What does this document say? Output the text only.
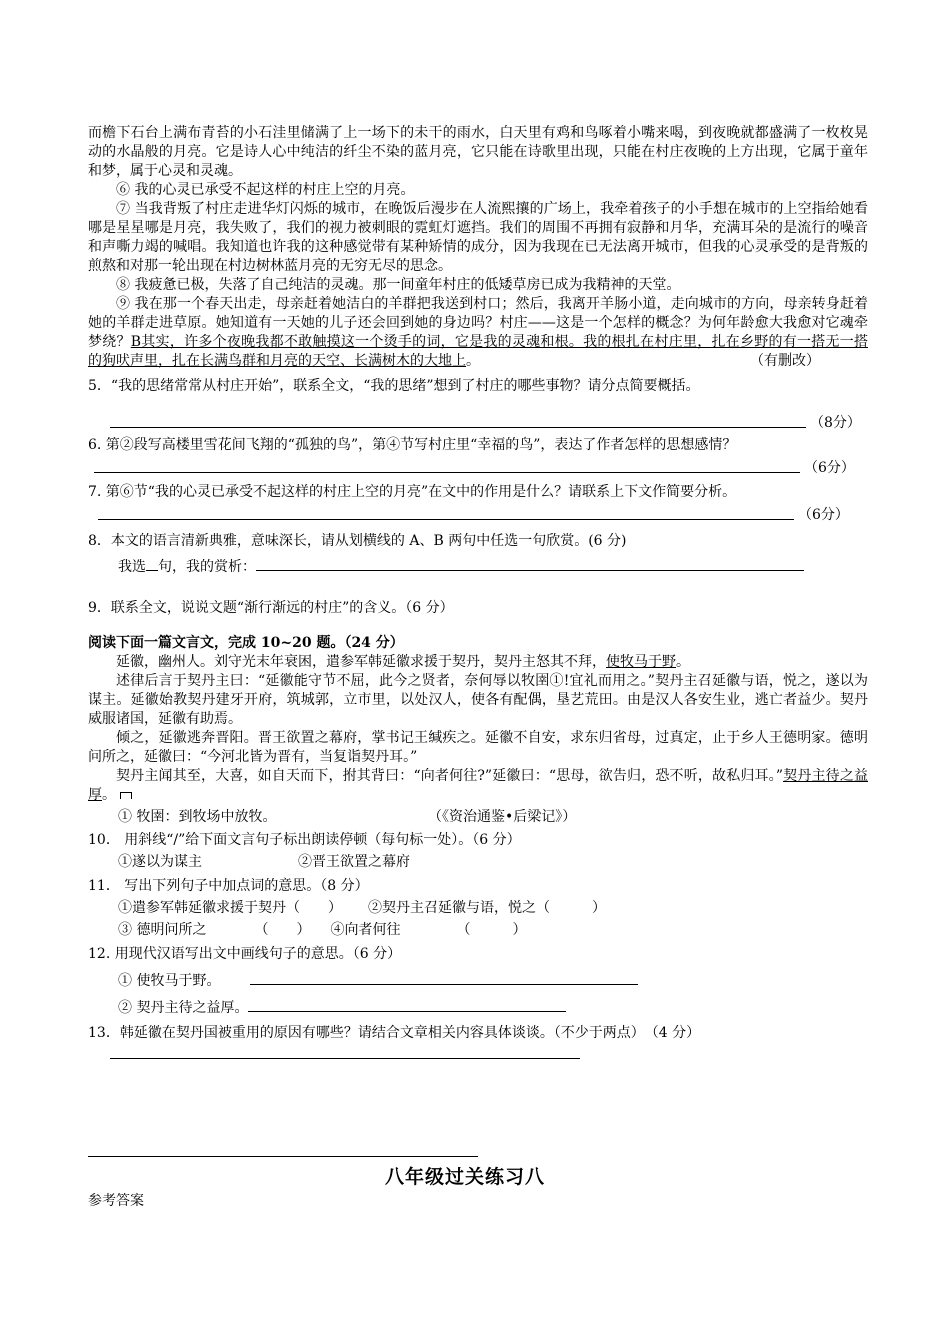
而檐下石台上满布青苔的小石洼里储满了上一场下的未干的雨水，白天里有鸡和鸟啄着小嘴来喝，到夜晚就都盛满了一枚枚晃动的水晶般的月亮。它是诗人心中纯洁的纤尘不染的蓝月亮，它只能在诗歌里出现，只能在村庄夜晚的上方出现，它属于童年和梦，属于心灵和灵魂。

⑥ 我的心灵已承受不起这样的村庄上空的月亮。

⑦ 当我背叛了村庄走进华灯闪烁的城市，在晚饭后漫步在人流熙攘的广场上，我牵着孩子的小手想在城市的上空指给她看哪是星星哪是月亮，我失败了，我们的视力被刺眼的霓虹灯遮挡。我们的周围不再拥有寂静和月华，充满耳朵的是流行的噪音和声嘶力竭的喊唱。我知道也许我的这种感觉带有某种矫情的成分，因为我现在已无法离开城市，但我的心灵承受的是背叛的煎熬和对那一轮出现在村边树林蓝月亮的无穷无尽的思念。

⑧ 我疲惫已极，失落了自己纯洁的灵魂。那一间童年村庄的低矮草房已成为我精神的天堂。

⑨ 我在那一个春天出走，母亲赶着她洁白的羊群把我送到村口；然后，我离开羊肠小道，走向城市的方向，母亲转身赶着她的羊群走进草原。她知道有一天她的儿子还会回到她的身边吗？村庄——这是一个怎样的概念？为何年龄愈大我愈对它魂牵梦绕？B其实，许多个夜晚我都不敢触摸这一个烫手的词，它是我的灵魂和根。我的根扎在村庄里，扎在乡野的有一搭无一搭的狗吠声里，扎在长满鸟群和月亮的天空、长满树木的大地上。	（有删改）

5．“我的思绪常常从村庄开始”，联系全文，“我的思绪”想到了村庄的哪些事物？请分点简要概括。

（8分）

6. 第②段写高楼里雪花间飞翔的“孤独的鸟”，第④节写村庄里“幸福的鸟”，表达了作者怎样的思想感情？

（6分）

7. 第⑥节“我的心灵已承受不起这样的村庄上空的月亮”在文中的作用是什么？请联系上下文作简要分析。

（6分）

8．本文的语言清新典雅，意味深长，请从划横线的 A、B 两句中任选一句欣赏。(6 分)

我选 句，我的赏析：

9．联系全文，说说文题“渐行渐远的村庄”的含义。（6 分）

阅读下面一篇文言文，完成 10~20 题。（24 分）

延徽，幽州人。刘守光末年衰困，遣参军韩延徽求援于契丹，契丹主怒其不拜，使牧马于野。

述律后言于契丹主曰：“延徽能守节不屈，此今之贤者，奈何辱以牧圉①!宜礼而用之。”契丹主召延徽与语，悦之，遂以为谋主。延徽始教契丹建牙开府，筑城郭，立市里，以处汉人，使各有配偶，垦艺荒田。由是汉人各安生业，逃亡者益少。契丹威服诸国，延徽有助焉。

倾之，延徽逃奔晋阳。晋王欲置之幕府，掌书记王缄疾之。延徽不自安，求东归省母，过真定，止于乡人王德明家。德明问所之，延徽曰：“今河北皆为晋有，当复诣契丹耳。”

契丹主闻其至，大喜，如自天而下，拊其背曰：“向者何往?”延徽曰：“思母，欲告归，恐不听，故私归耳。”契丹主待之益厚。

① 牧圉：到牧场中放牧。	（《资治通鉴•后梁记》）

10． 用斜线“/”给下面文言句子标出朗读停顿（每句标一处）。（6 分）

①遂以为谋主	②晋王欲置之幕府

11． 写出下列句子中加点词的意思。（8 分）

①遣参军韩延徽求援于契丹（　　） ②契丹主召延徽与语，悦之（　　　）

③ 德明问所之	（　　） ④向者何往	（　　　）

12. 用现代汉语写出文中画线句子的意思。（6 分）

① 使牧马于野。

② 契丹主待之益厚。

13．韩延徽在契丹国被重用的原因有哪些？请结合文章相关内容具体谈谈。（不少于两点）　（4 分）

八年级过关练习八
参考答案
